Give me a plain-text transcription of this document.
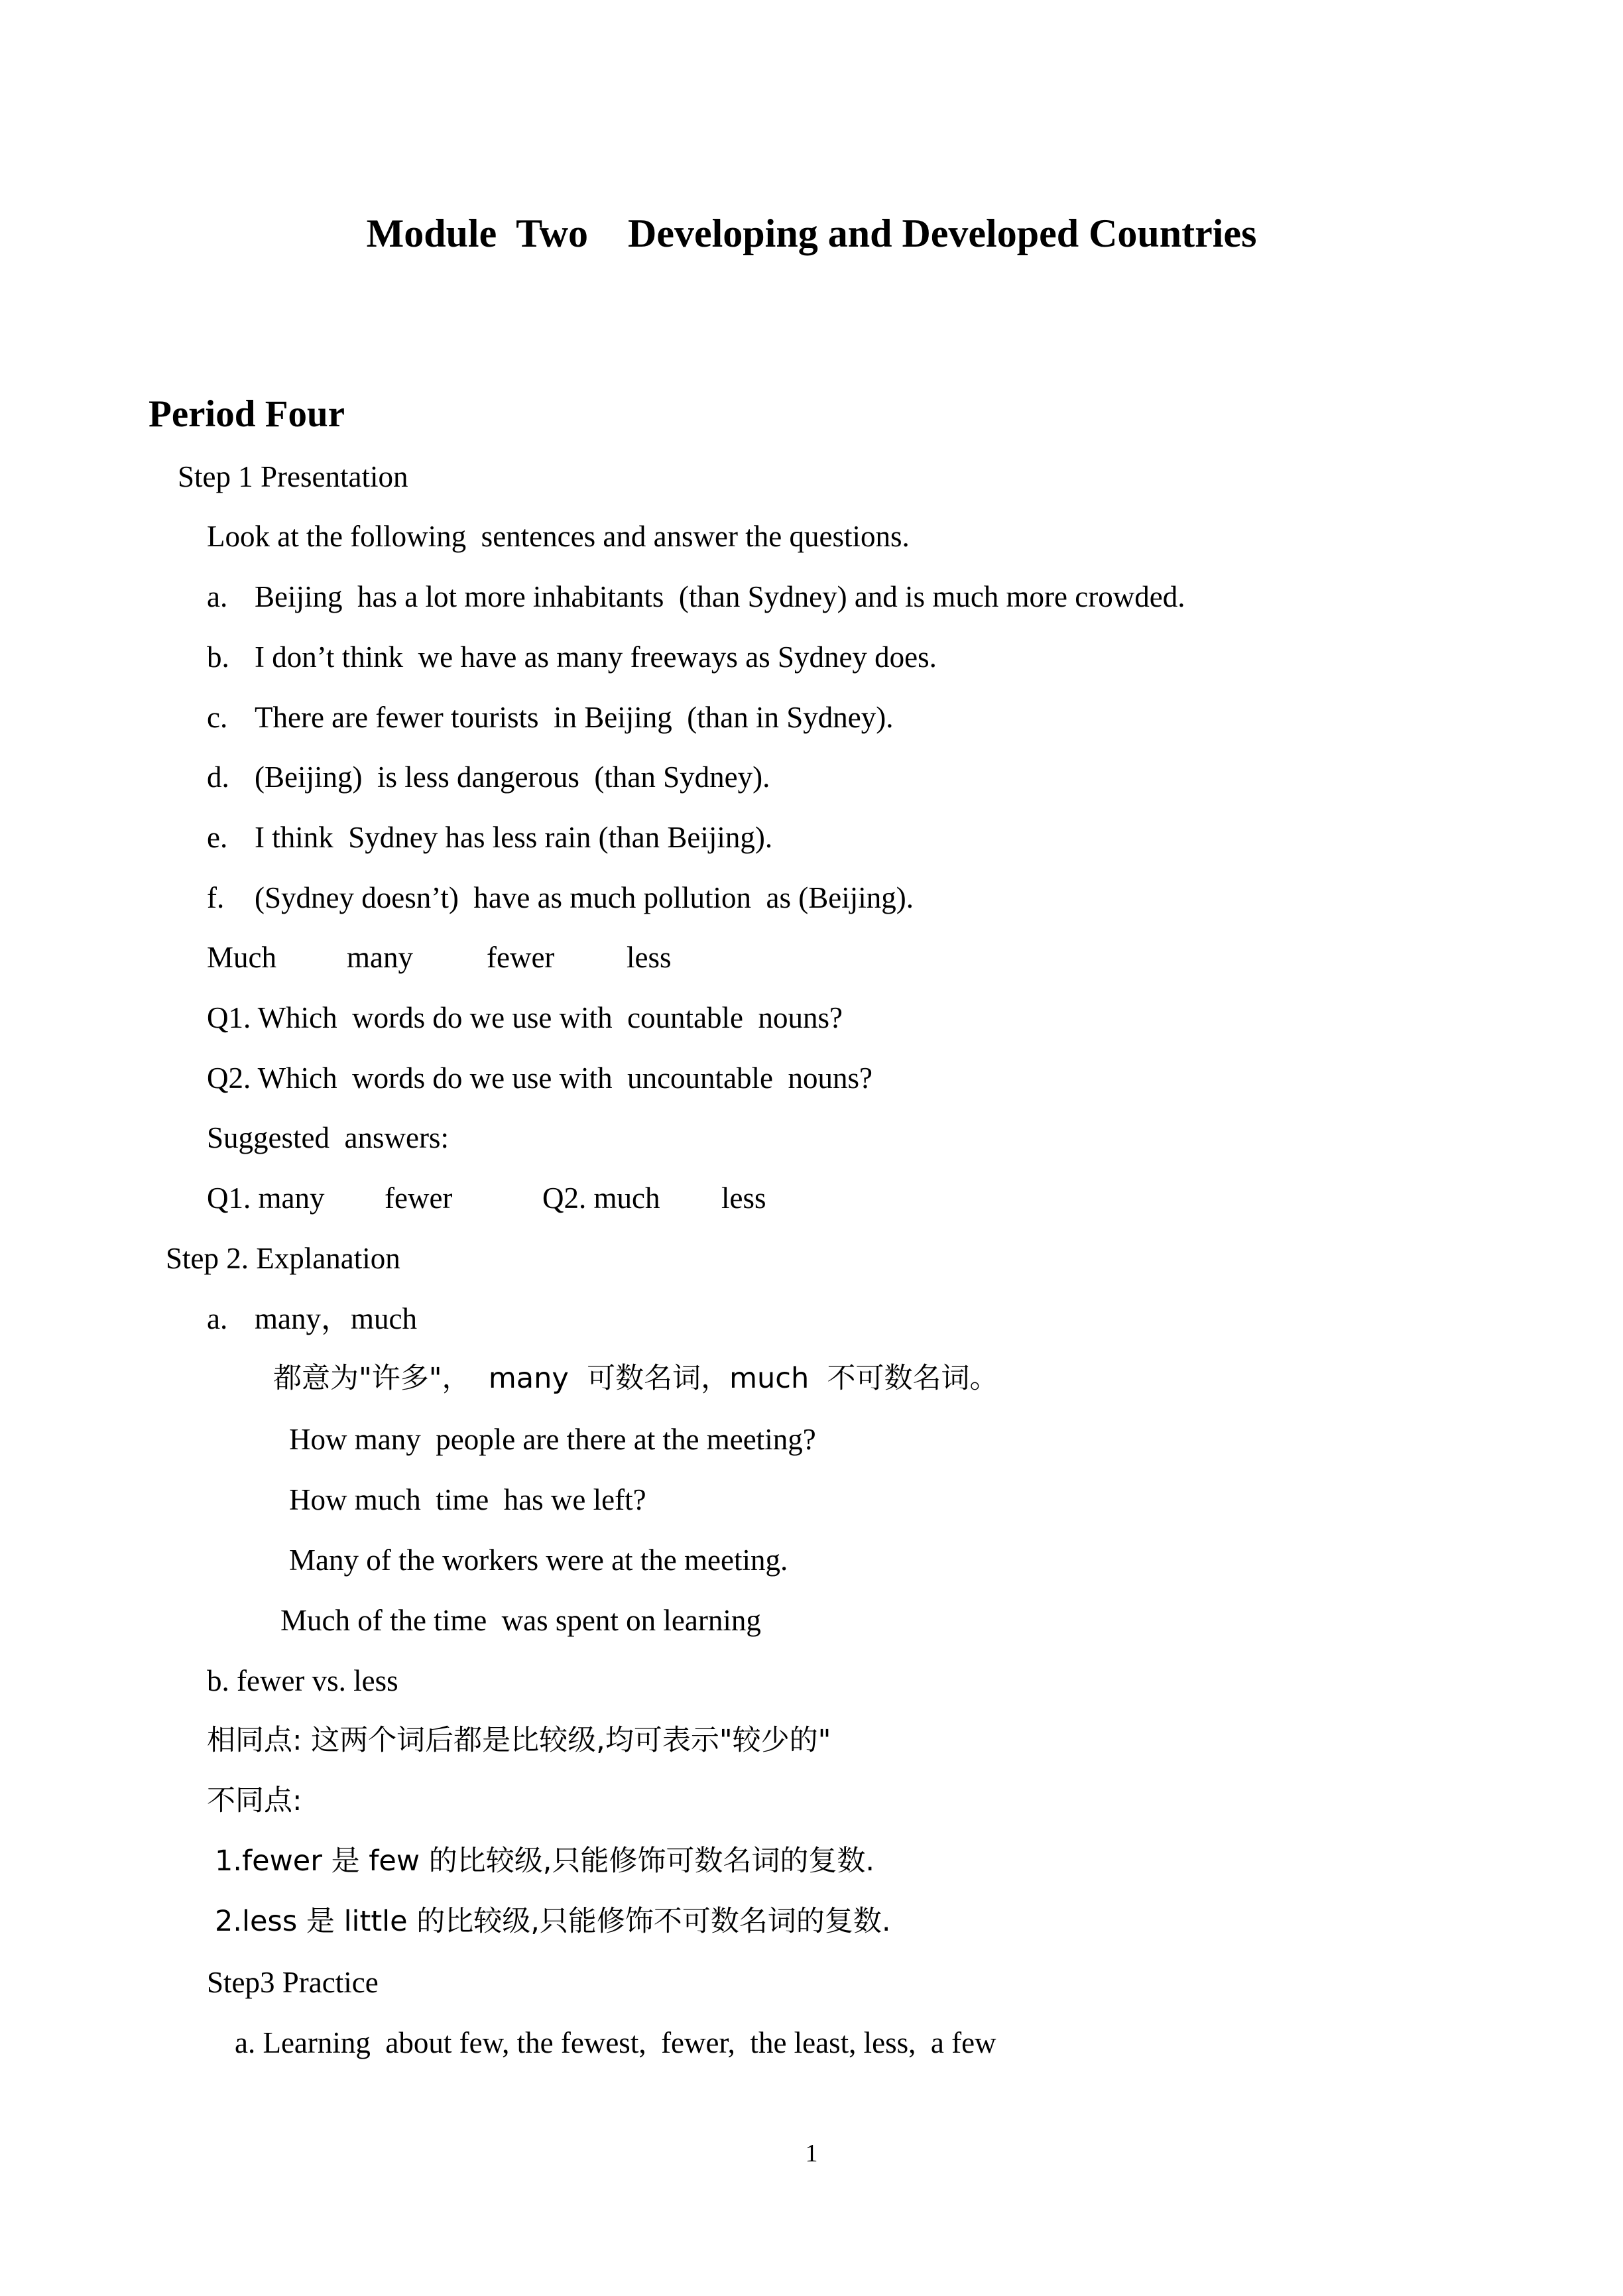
Module  Two Developing and Developed Countries
Period Four
Step 1 Presentation
Look at the following  sentences and answer the questions.
a. Beijing  has a lot more inhabitants  (than Sydney) and is much more crowded.
b. I don’t think  we have as many freeways as Sydney does.
c. There are fewer tourists  in Beijing  (than in Sydney).
d. (Beijing)  is less dangerous  (than Sydney).
e. I think  Sydney has less rain (than Beijing).
f. (Sydney doesn’t)  have as much pollution  as (Beijing).
Much many fewer less
Q1. Which  words do we use with  countable  nouns?
Q2. Which  words do we use with  uncountable  nouns?
Suggested  answers:
Q1. many fewer	Q2. much less
Step 2. Explanation
a. many，much
都意为"许多"，  many  可数名词，much  不可数名词。
How many  people are there at the meeting?
How much  time  has we left?
Many of the workers were at the meeting.
Much of the time  was spent on learning
b. fewer vs. less
相同点: 这两个词后都是比较级,均可表示"较少的"
不同点:
1.fewer 是 few 的比较级,只能修饰可数名词的复数.
2.less 是 little 的比较级,只能修饰不可数名词的复数.
Step3 Practice
a. Learning  about few, the fewest,  fewer,  the least, less,  a few
1
